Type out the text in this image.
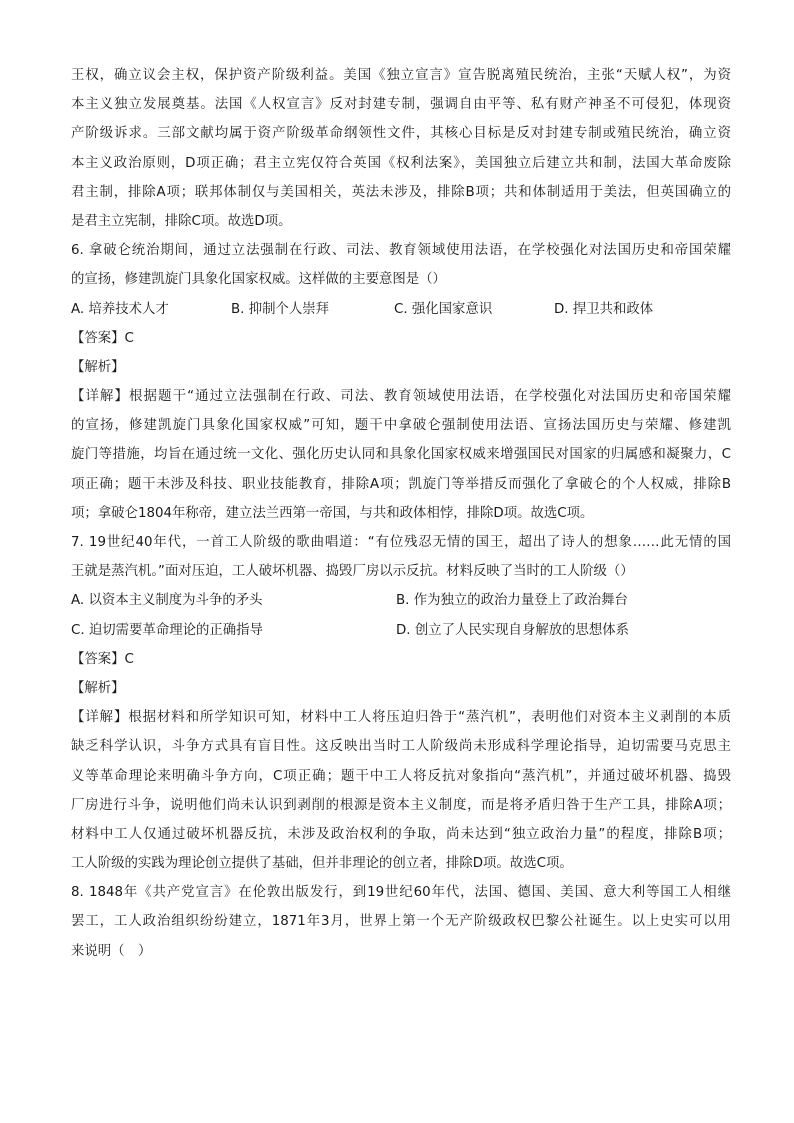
王权，确立议会主权，保护资产阶级利益。美国《独立宣言》宣告脱离殖民统治，主张“天赋人权”，为资
本主义独立发展奠基。法国《人权宣言》反对封建专制，强调自由平等、私有财产神圣不可侵犯，体现资
产阶级诉求。三部文献均属于资产阶级革命纲领性文件，其核心目标是反对封建专制或殖民统治，确立资
本主义政治原则，D项正确；君主立宪仅符合英国《权利法案》，美国独立后建立共和制，法国大革命废除
君主制，排除A项；联邦体制仅与美国相关，英法未涉及，排除B项；共和体制适用于美法，但英国确立的
是君主立宪制，排除C项。故选D项。
6. 拿破仑统治期间，通过立法强制在行政、司法、教育领域使用法语，在学校强化对法国历史和帝国荣耀
的宣扬，修建凯旋门具象化国家权威。这样做的主要意图是（）
A. 培养技术人才	B. 抑制个人崇拜	C. 强化国家意识	D. 捍卫共和政体
【答案】C
【解析】
【详解】根据题干“通过立法强制在行政、司法、教育领域使用法语，在学校强化对法国历史和帝国荣耀
的宣扬，修建凯旋门具象化国家权威”可知，题干中拿破仑强制使用法语、宣扬法国历史与荣耀、修建凯
旋门等措施，均旨在通过统一文化、强化历史认同和具象化国家权威来增强国民对国家的归属感和凝聚力，C
项正确；题干未涉及科技、职业技能教育，排除A项；凯旋门等举措反而强化了拿破仑的个人权威，排除B
项；拿破仑1804年称帝，建立法兰西第一帝国，与共和政体相悖，排除D项。故选C项。
7. 19世纪40年代，一首工人阶级的歌曲唱道：“有位残忍无情的国王，超出了诗人的想象……此无情的国
王就是蒸汽机。”面对压迫，工人破坏机器、捣毁厂房以示反抗。材料反映了当时的工人阶级（）
A. 以资本主义制度为斗争的矛头	B. 作为独立的政治力量登上了政治舞台
C. 迫切需要革命理论的正确指导	D. 创立了人民实现自身解放的思想体系
【答案】C
【解析】
【详解】根据材料和所学知识可知，材料中工人将压迫归咎于“蒸汽机”，表明他们对资本主义剥削的本质
缺乏科学认识，斗争方式具有盲目性。这反映出当时工人阶级尚未形成科学理论指导，迫切需要马克思主
义等革命理论来明确斗争方向，C项正确；题干中工人将反抗对象指向“蒸汽机”，并通过破坏机器、捣毁
厂房进行斗争，说明他们尚未认识到剥削的根源是资本主义制度，而是将矛盾归咎于生产工具，排除A项；
材料中工人仅通过破坏机器反抗，未涉及政治权利的争取，尚未达到“独立政治力量”的程度，排除B项；
工人阶级的实践为理论创立提供了基础，但并非理论的创立者，排除D项。故选C项。
8. 1848年《共产党宣言》在伦敦出版发行，到19世纪60年代，法国、德国、美国、意大利等国工人相继
罢工，工人政治组织纷纷建立，1871年3月，世界上第一个无产阶级政权巴黎公社诞生。以上史实可以用
来说明（　）
